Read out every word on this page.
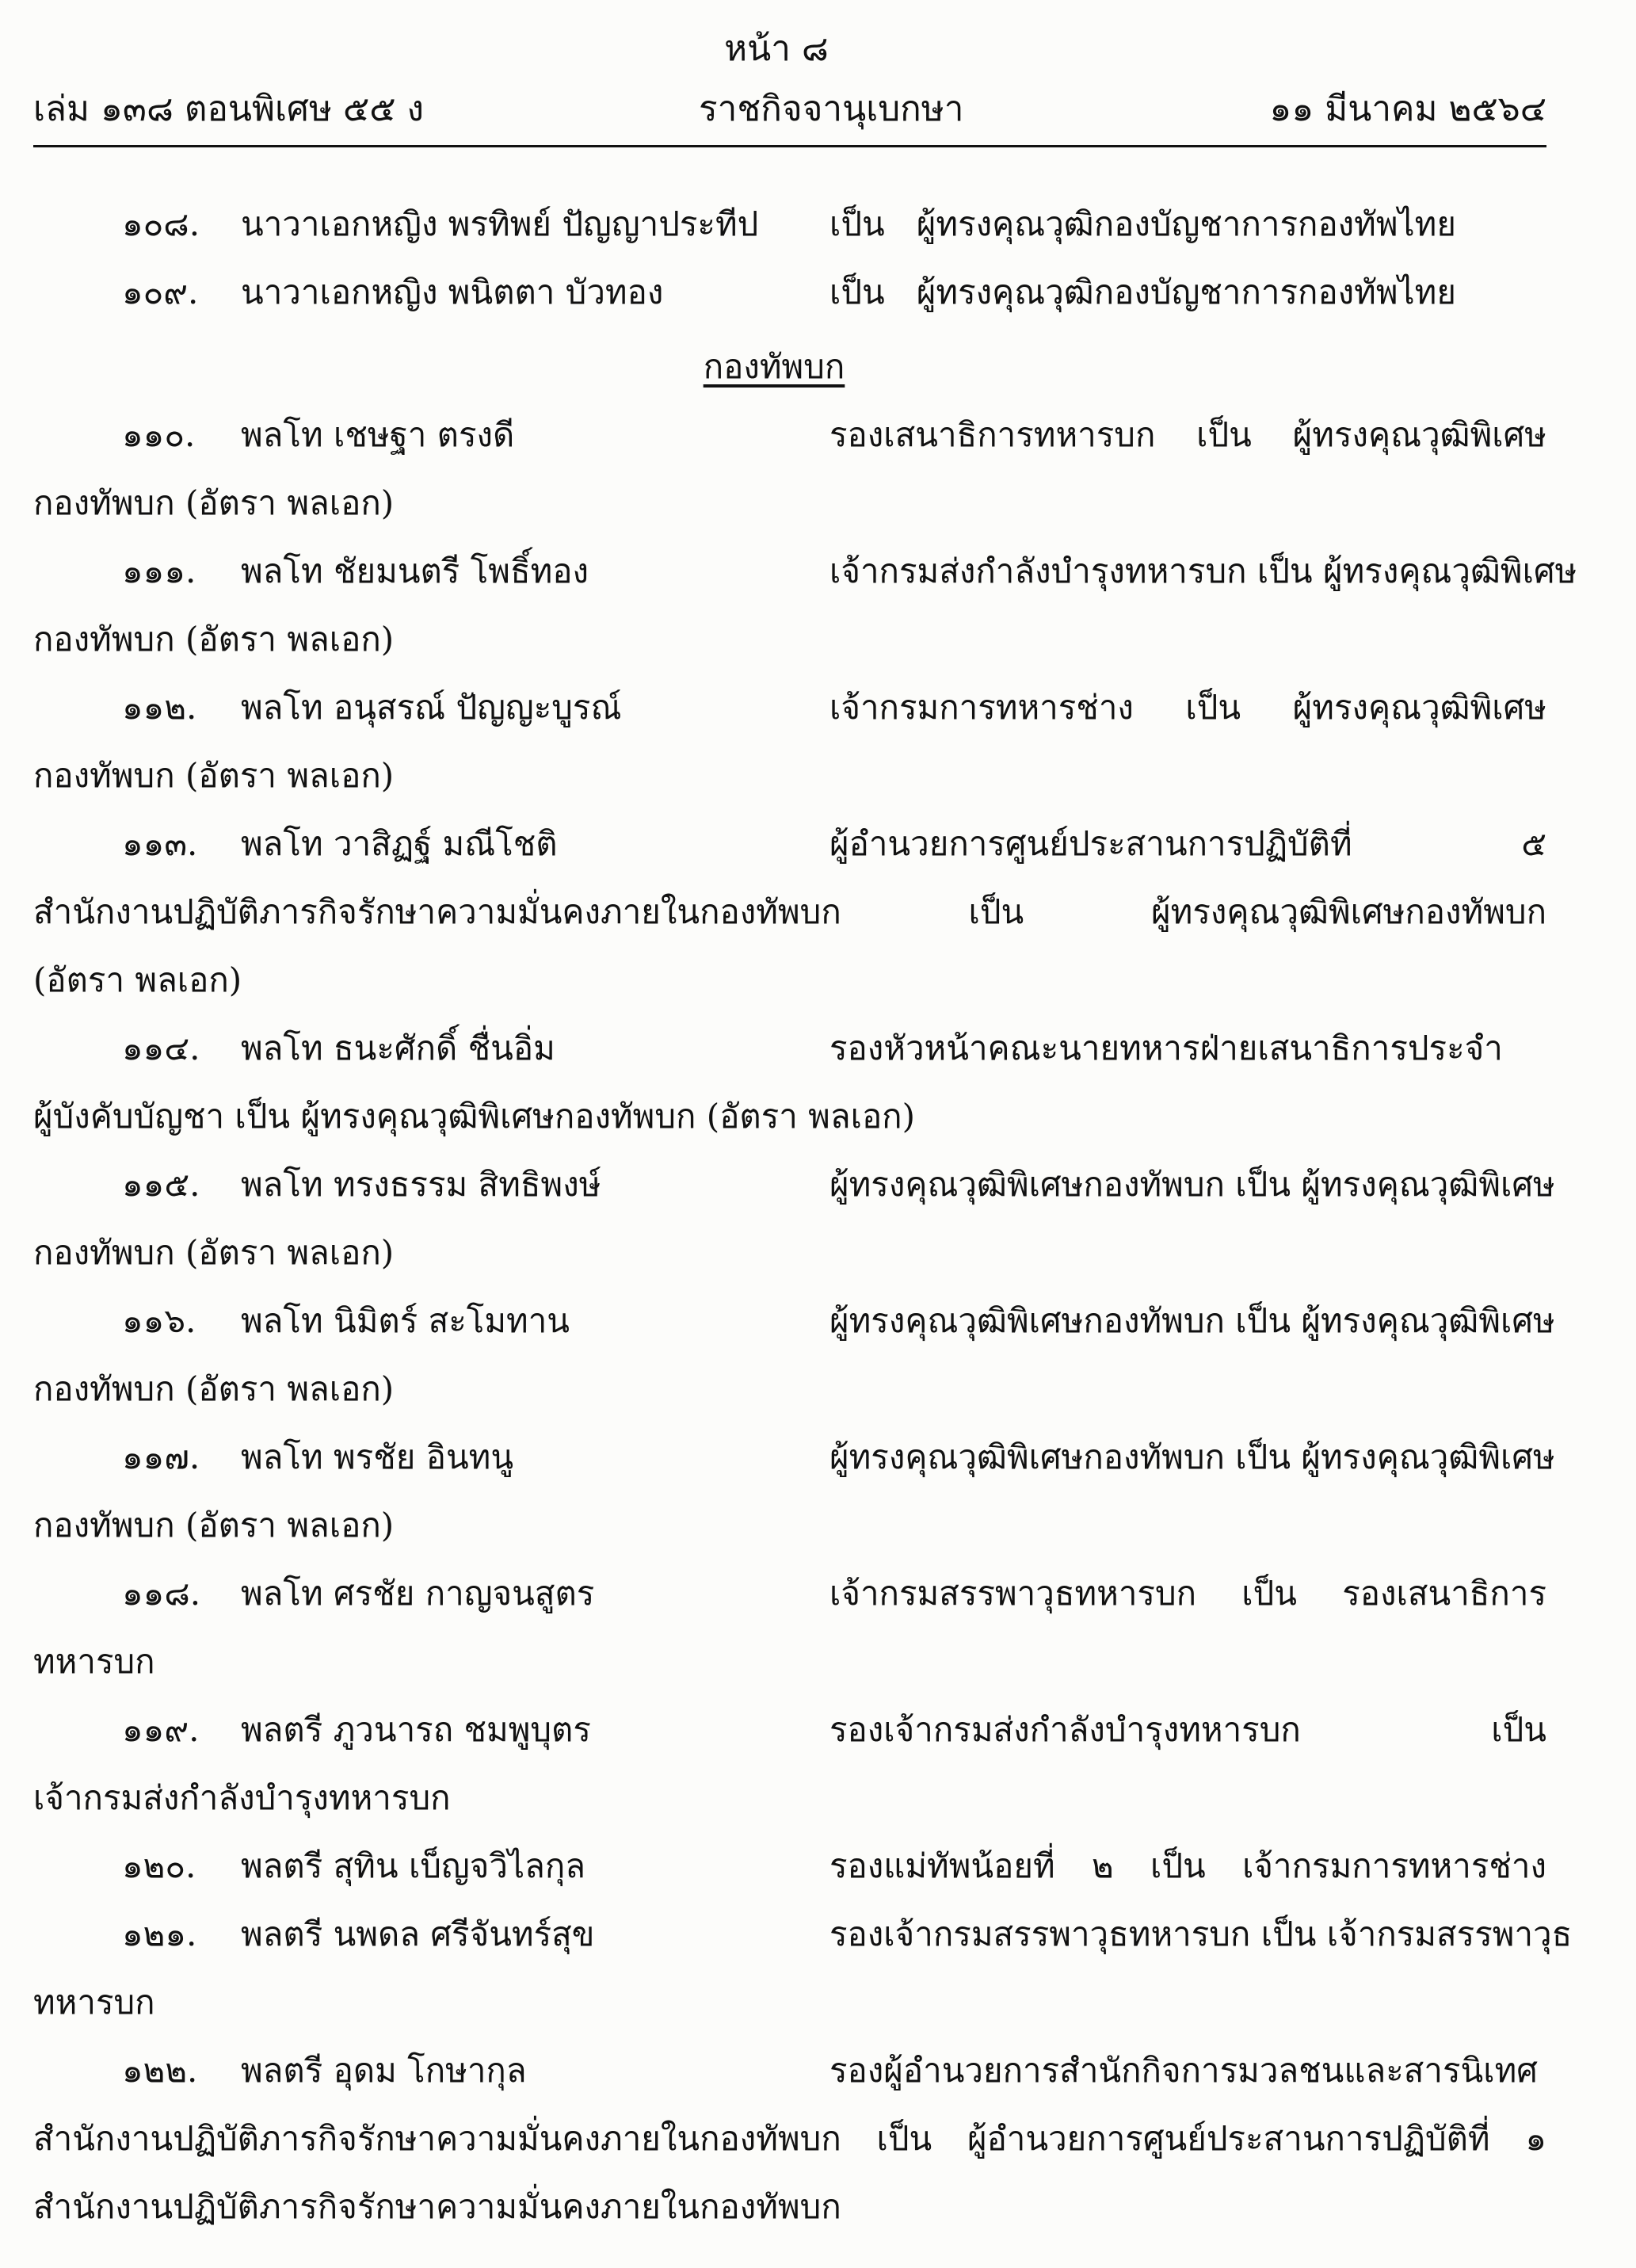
หน้า ๘
เล่ม ๑๓๘ ตอนพิเศษ ๕๕ ง	ราชกิจจานุเบกษา	๑๑ มีนาคม ๒๕๖๔
๑๐๘. นาวาเอกหญิง พรทิพย์ ปัญญาประทีป เป็น ผู้ทรงคุณวุฒิกองบัญชาการกองทัพไทย
๑๐๙. นาวาเอกหญิง พนิตตา บัวทอง	เป็น ผู้ทรงคุณวุฒิกองบัญชาการกองทัพไทย
กองทัพบก
๑๑๐. พลโท เชษฐา ตรงดี	รองเสนาธิการทหารบก เป็น ผู้ทรงคุณวุฒิพิเศษ
กองทัพบก (อัตรา พลเอก)
๑๑๑. พลโท ชัยมนตรี โพธิ์ทอง	เจ้ากรมส่งกำลังบำรุงทหารบก เป็น ผู้ทรงคุณวุฒิพิเศษ
กองทัพบก (อัตรา พลเอก)
๑๑๒. พลโท อนุสรณ์ ปัญญะบูรณ์	เจ้ากรมการทหารช่าง เป็น ผู้ทรงคุณวุฒิพิเศษ
กองทัพบก (อัตรา พลเอก)
๑๑๓. พลโท วาสิฏฐ์ มณีโชติ	ผู้อำนวยการศูนย์ประสานการปฏิบัติที่ ๕
สำนักงานปฏิบัติภารกิจรักษาความมั่นคงภายในกองทัพบก เป็น ผู้ทรงคุณวุฒิพิเศษกองทัพบก
(อัตรา พลเอก)
๑๑๔. พลโท ธนะศักดิ์ ชื่นอิ่ม	รองหัวหน้าคณะนายทหารฝ่ายเสนาธิการประจำ
ผู้บังคับบัญชา เป็น ผู้ทรงคุณวุฒิพิเศษกองทัพบก (อัตรา พลเอก)
๑๑๕. พลโท ทรงธรรม สิทธิพงษ์	ผู้ทรงคุณวุฒิพิเศษกองทัพบก เป็น ผู้ทรงคุณวุฒิพิเศษ
กองทัพบก (อัตรา พลเอก)
๑๑๖. พลโท นิมิตร์ สะโมทาน	ผู้ทรงคุณวุฒิพิเศษกองทัพบก เป็น ผู้ทรงคุณวุฒิพิเศษ
กองทัพบก (อัตรา พลเอก)
๑๑๗. พลโท พรชัย อินทนู	ผู้ทรงคุณวุฒิพิเศษกองทัพบก เป็น ผู้ทรงคุณวุฒิพิเศษ
กองทัพบก (อัตรา พลเอก)
๑๑๘. พลโท ศรชัย กาญจนสูตร	เจ้ากรมสรรพาวุธทหารบก เป็น รองเสนาธิการ
ทหารบก
๑๑๙. พลตรี ภูวนารถ ชมพูบุตร	รองเจ้ากรมส่งกำลังบำรุงทหารบก เป็น
เจ้ากรมส่งกำลังบำรุงทหารบก
๑๒๐. พลตรี สุทิน เบ็ญจวิไลกุล	รองแม่ทัพน้อยที่ ๒ เป็น เจ้ากรมการทหารช่าง
๑๒๑. พลตรี นพดล ศรีจันทร์สุข	รองเจ้ากรมสรรพาวุธทหารบก เป็น เจ้ากรมสรรพาวุธ
ทหารบก
๑๒๒. พลตรี อุดม โกษากุล	รองผู้อำนวยการสำนักกิจการมวลชนและสารนิเทศ
สำนักงานปฏิบัติภารกิจรักษาความมั่นคงภายในกองทัพบก เป็น ผู้อำนวยการศูนย์ประสานการปฏิบัติที่ ๑
สำนักงานปฏิบัติภารกิจรักษาความมั่นคงภายในกองทัพบก
